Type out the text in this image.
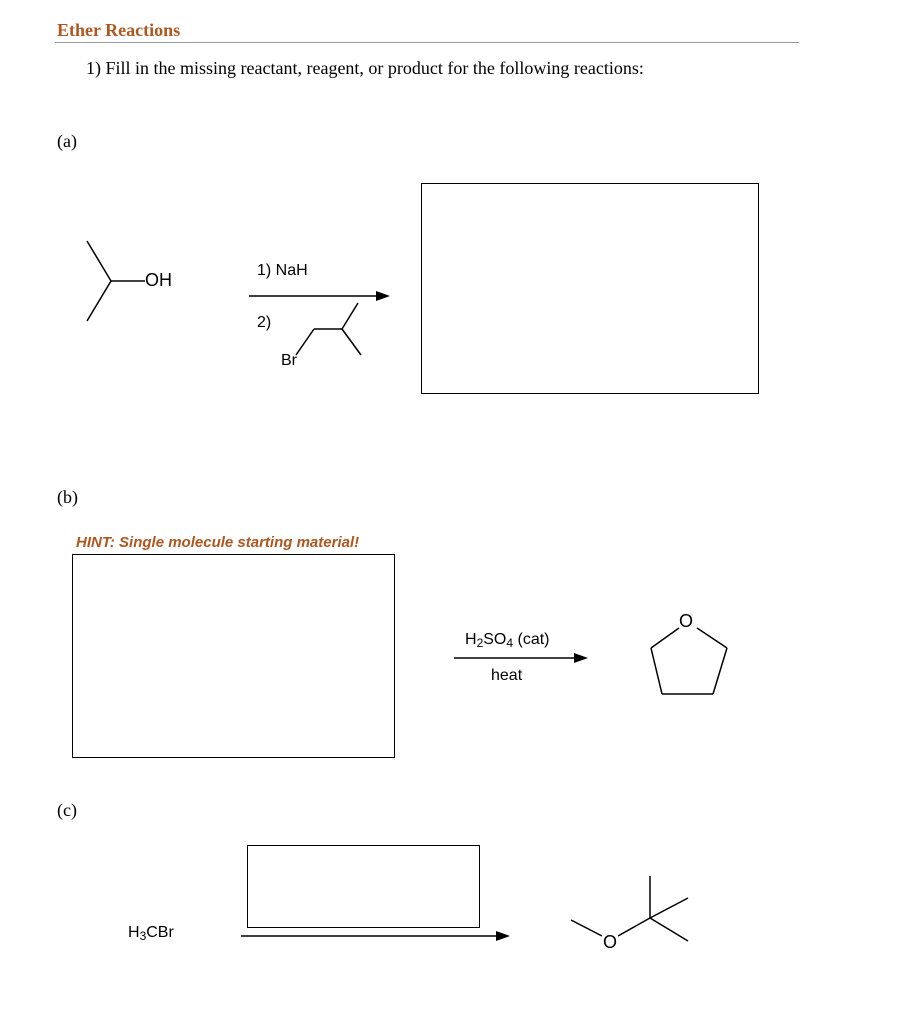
Ether Reactions
1) Fill in the missing reactant, reagent, or product for the following reactions:
(a)
OH	1) NaH
2)
Br
(b)
HINT: Single molecule starting material!
$H_2SO_4$ (cat)
heat
O
(c)
$H_3CBr$	O
